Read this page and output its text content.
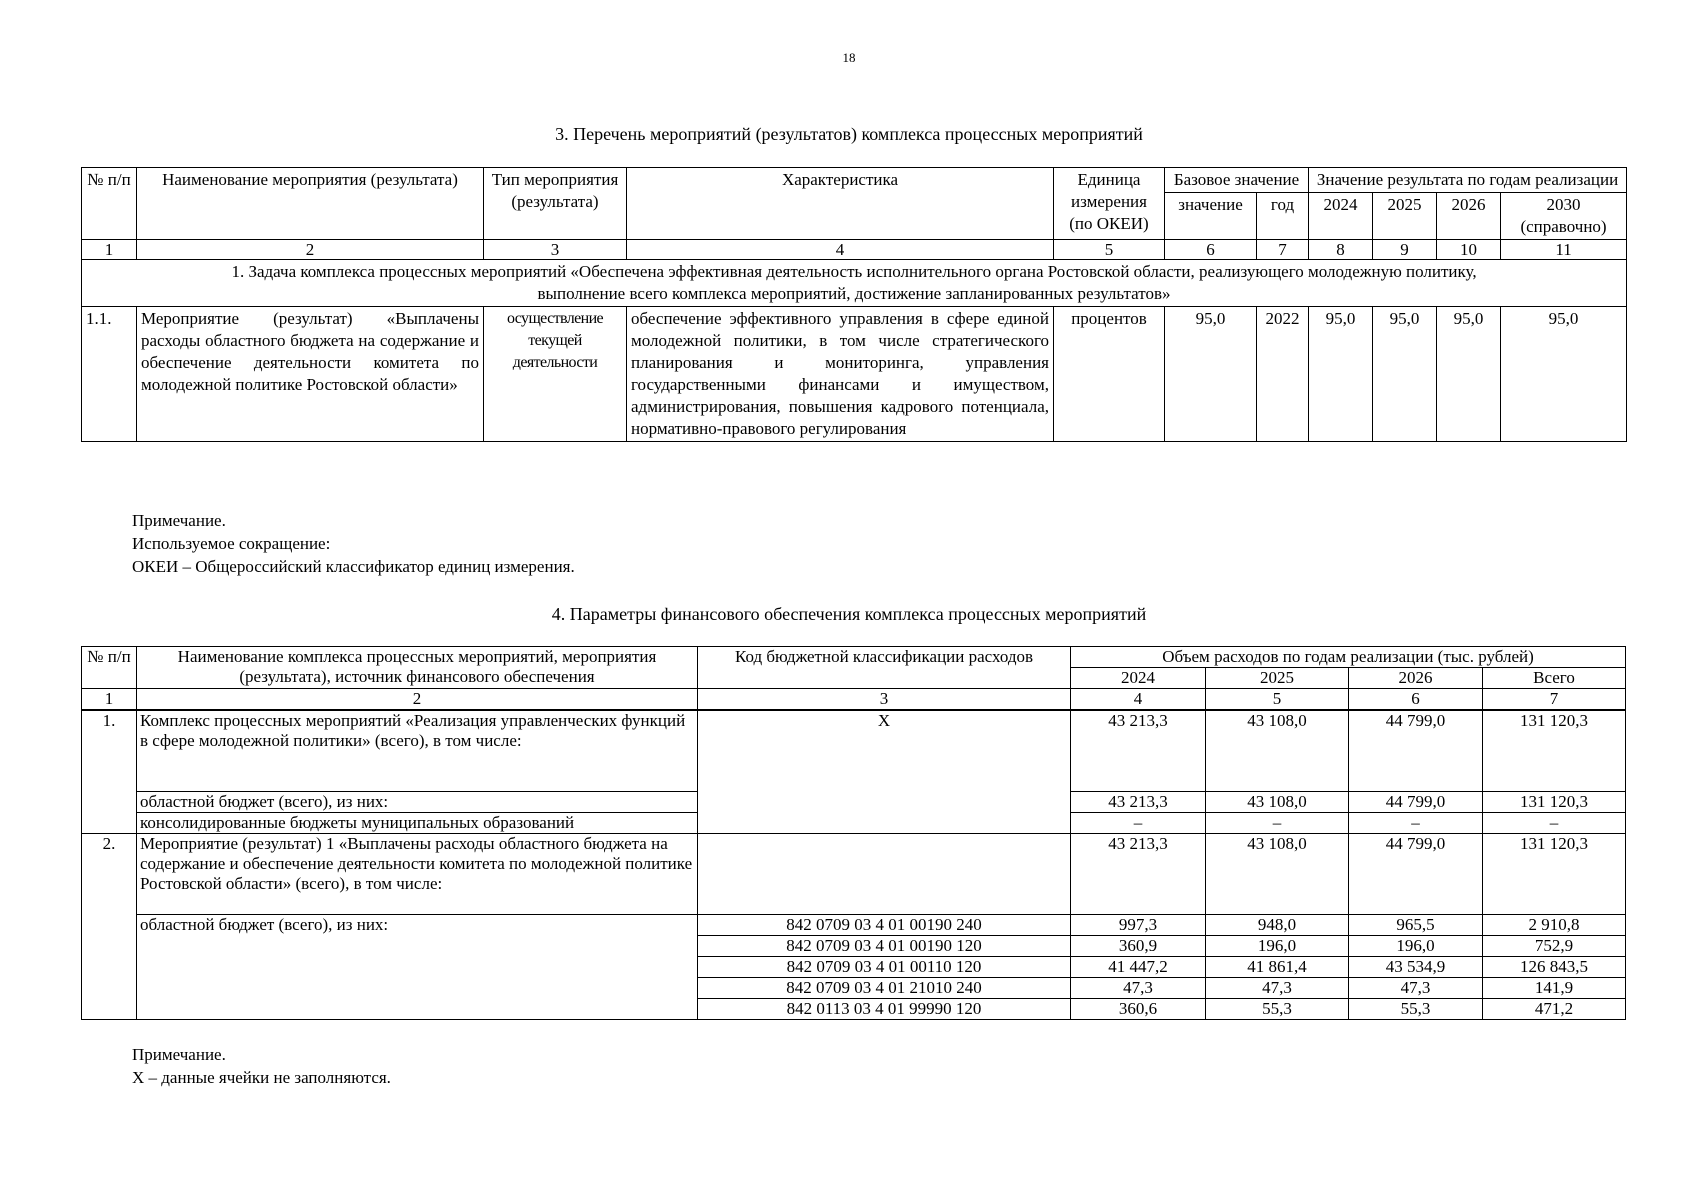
18
3. Перечень мероприятий (результатов) комплекса процессных мероприятий
№ п/п	Наименование мероприятия (результата)	Тип мероприятия (результата)	Характеристика	Единица измерения (по ОКЕИ)	Базовое значение		Значение результата по годам реализации			
					значение	год	2024	2025	2026	2030 (справочно)
1	2	3	4	5	6	7	8	9	10	11
1. Задача комплекса процессных мероприятий «Обеспечена эффективная деятельность исполнительного органа Ростовской области, реализующего молодежную политику, выполнение всего комплекса мероприятий, достижение запланированных результатов»										
1.1.	Мероприятие (результат) «Выплачены расходы областного бюджета на содержание и обеспечение деятельности комитета по молодежной политике Ростовской области»	осуществление текущей деятельности	обеспечение эффективного управления в сфере единой молодежной политики, в том числе стратегического планирования и мониторинга, управления государственными финансами и имуществом, администрирования, повышения кадрового потенциала, нормативно-правового регулирования	процентов	95,0	2022	95,0	95,0	95,0	95,0
Примечание.
Используемое сокращение:
ОКЕИ – Общероссийский классификатор единиц измерения.
4. Параметры финансового обеспечения комплекса процессных мероприятий
№ п/п	Наименование комплекса процессных мероприятий, мероприятия (результата), источник финансового обеспечения	Код бюджетной классификации расходов	Объем расходов по годам реализации (тыс. рублей)			
			2024	2025	2026	Всего
1	2	3	4	5	6	7
1.	Комплекс процессных мероприятий «Реализация управленческих функций в сфере молодежной политики» (всего), в том числе:	Х	43 213,3	43 108,0	44 799,0	131 120,3
	областной бюджет (всего), из них:		43 213,3	43 108,0	44 799,0	131 120,3
	консолидированные бюджеты муниципальных образований		–	–	–	–
2.	Мероприятие (результат) 1 «Выплачены расходы областного бюджета на содержание и обеспечение деятельности комитета по молодежной политике Ростовской области» (всего), в том числе:		43 213,3	43 108,0	44 799,0	131 120,3
	областной бюджет (всего), из них:	842 0709 03 4 01 00190 240	997,3	948,0	965,5	2 910,8
		842 0709 03 4 01 00190 120	360,9	196,0	196,0	752,9
		842 0709 03 4 01 00110 120	41 447,2	41 861,4	43 534,9	126 843,5
		842 0709 03 4 01 21010 240	47,3	47,3	47,3	141,9
		842 0113 03 4 01 99990 120	360,6	55,3	55,3	471,2
Примечание.
Х – данные ячейки не заполняются.
